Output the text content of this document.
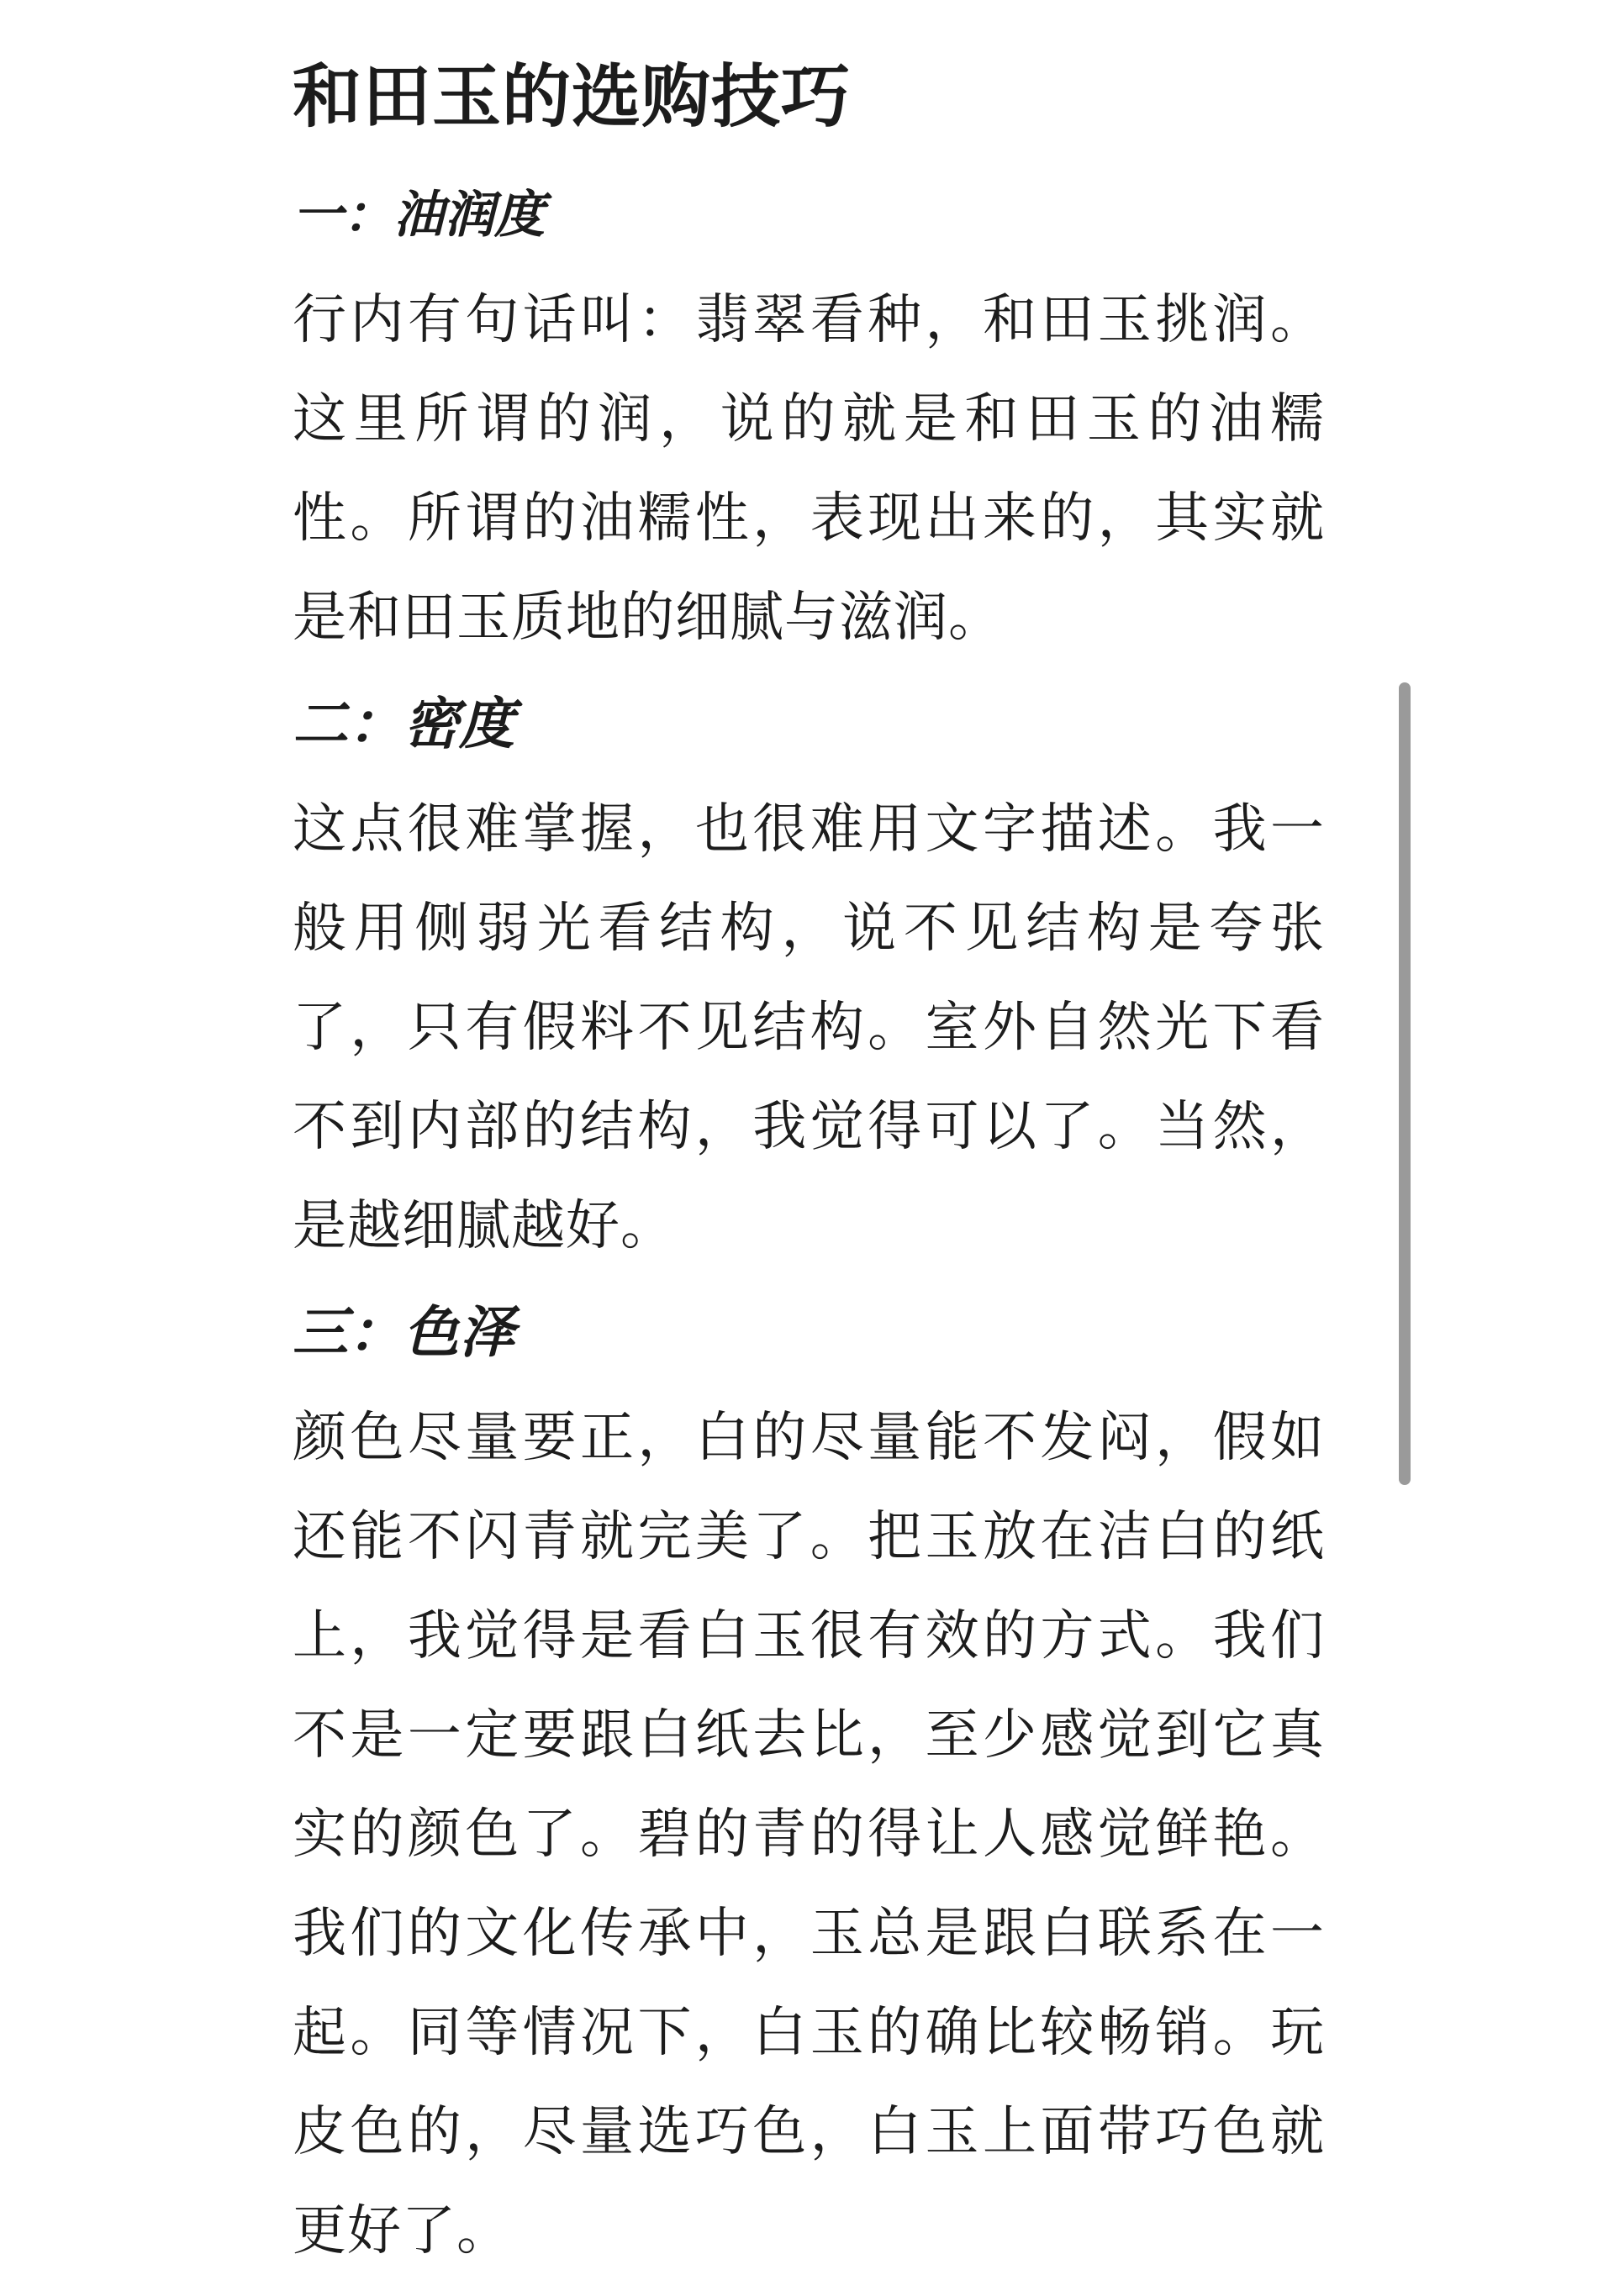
和田玉的选购技巧
一：油润度

行内有句话叫：翡翠看种，和田玉挑润。这里所谓的润，说的就是和田玉的油糯性。所谓的油糯性，表现出来的，其实就是和田玉质地的细腻与滋润。

二：密度

这点很难掌握，也很难用文字描述。我一般用侧弱光看结构，说不见结构是夸张了，只有假料不见结构。室外自然光下看不到内部的结构，我觉得可以了。当然，是越细腻越好。

三：色泽

颜色尽量要正，白的尽量能不发闷，假如还能不闪青就完美了。把玉放在洁白的纸上，我觉得是看白玉很有效的方式。我们不是一定要跟白纸去比，至少感觉到它真实的颜色了。碧的青的得让人感觉鲜艳。我们的文化传承中，玉总是跟白联系在一起。同等情况下，白玉的确比较畅销。玩皮色的，尽量选巧色，白玉上面带巧色就更好了。
